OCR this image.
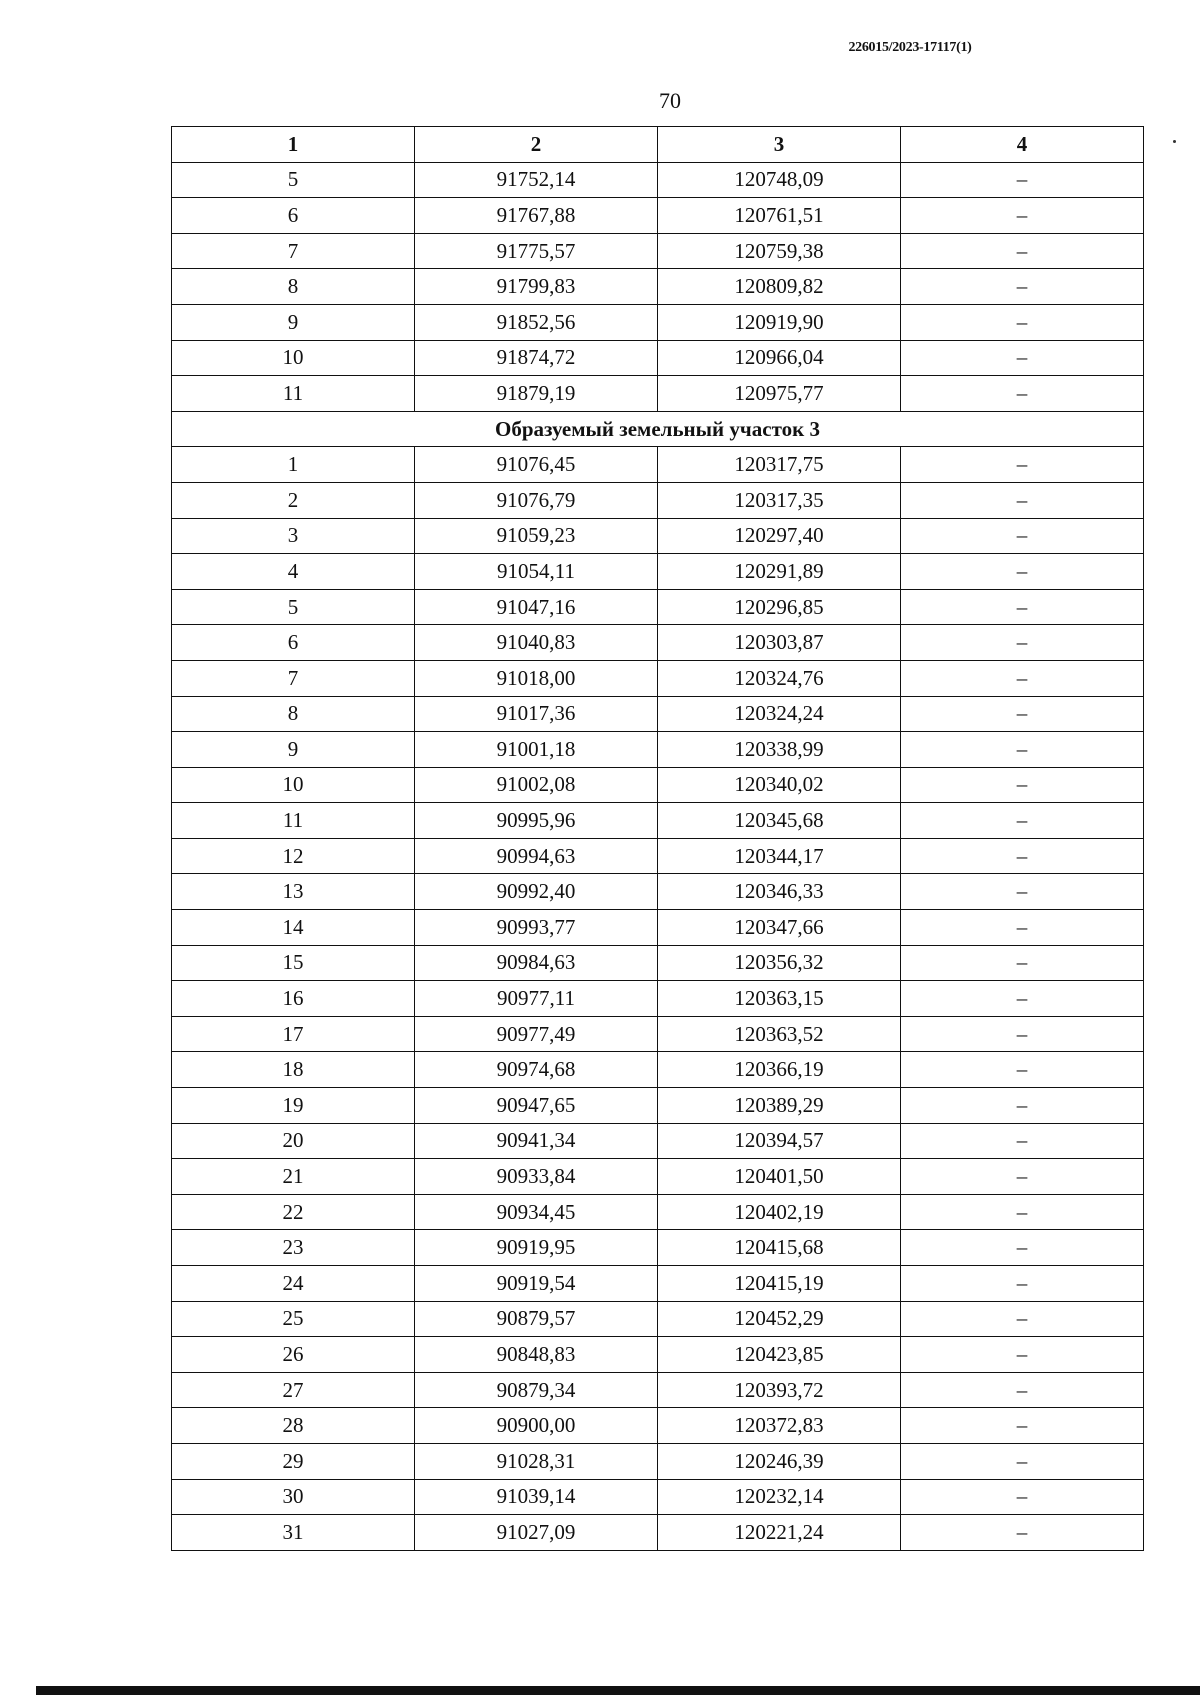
226015/2023-17117(1)
70
1	2	3	4
5	91752,14	120748,09	–
6	91767,88	120761,51	–
7	91775,57	120759,38	–
8	91799,83	120809,82	–
9	91852,56	120919,90	–
10	91874,72	120966,04	–
11	91879,19	120975,77	–
Образуемый земельный участок 3			
1	91076,45	120317,75	–
2	91076,79	120317,35	–
3	91059,23	120297,40	–
4	91054,11	120291,89	–
5	91047,16	120296,85	–
6	91040,83	120303,87	–
7	91018,00	120324,76	–
8	91017,36	120324,24	–
9	91001,18	120338,99	–
10	91002,08	120340,02	–
11	90995,96	120345,68	–
12	90994,63	120344,17	–
13	90992,40	120346,33	–
14	90993,77	120347,66	–
15	90984,63	120356,32	–
16	90977,11	120363,15	–
17	90977,49	120363,52	–
18	90974,68	120366,19	–
19	90947,65	120389,29	–
20	90941,34	120394,57	–
21	90933,84	120401,50	–
22	90934,45	120402,19	–
23	90919,95	120415,68	–
24	90919,54	120415,19	–
25	90879,57	120452,29	–
26	90848,83	120423,85	–
27	90879,34	120393,72	–
28	90900,00	120372,83	–
29	91028,31	120246,39	–
30	91039,14	120232,14	–
31	91027,09	120221,24	–
